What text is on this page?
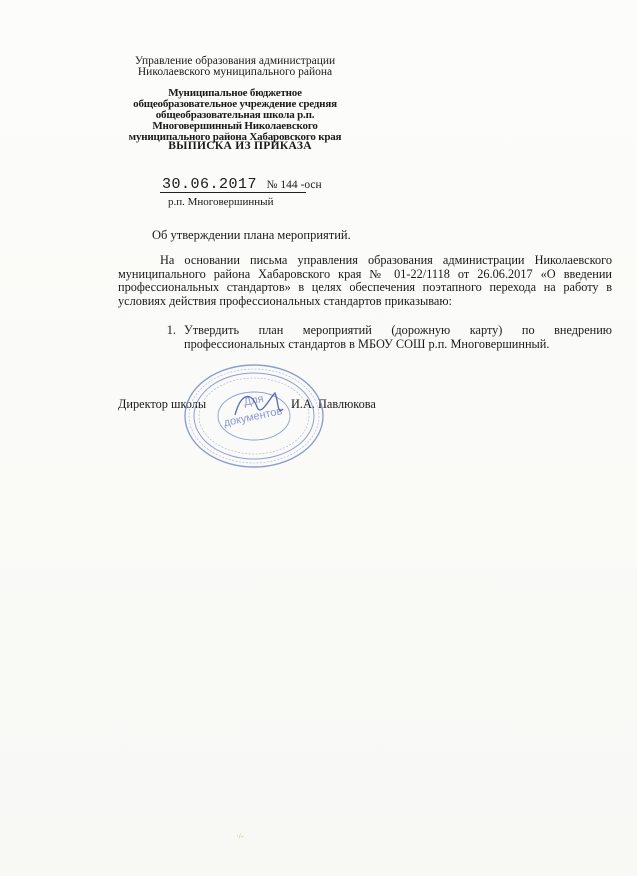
Управление образования администрации
Николаевского муниципального района
Муниципальное бюджетное
общеобразовательное учреждение средняя
общеобразовательная школа р.п.
Многовершинный Николаевского
муниципального района Хабаровского края
ВЫПИСКА ИЗ ПРИКАЗА
30.06.2017 № 144 -осн
р.п. Многовершинный
Об утверждении плана мероприятий.
На основании письма управления образования администрации Николаевского муниципального района Хабаровского края № 01-22/1118 от 26.06.2017 «О введении профессиональных стандартов» в целях обеспечения поэтапного перехода на работу в условиях действия профессиональных стандартов приказываю:
1. Утвердить план мероприятий (дорожную карту) по внедрению профессиональных стандартов в МБОУ СОШ р.п. Многовершинный.
Директор школы	И.А. Павлюкова
Для
документов
·/-
